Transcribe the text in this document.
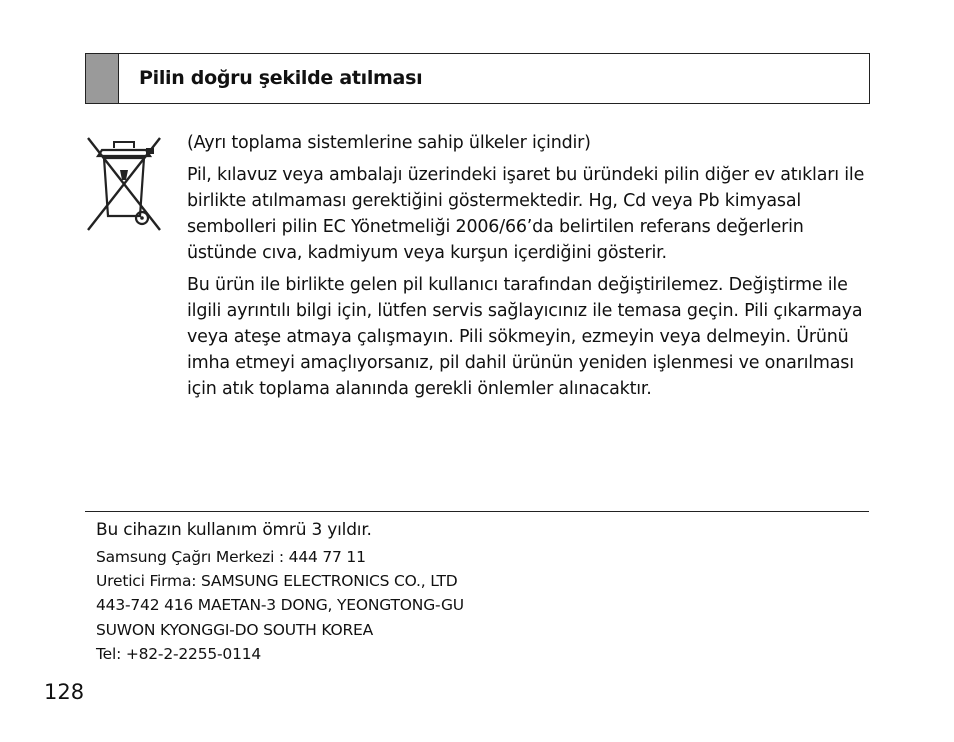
Pilin doğru şekilde atılması

(Ayrı toplama sistemlerine sahip ülkeler içindir)

Pil, kılavuz veya ambalajı üzerindeki işaret bu üründeki pilin diğer ev atıkları ile birlikte atılmaması gerektiğini göstermektedir. Hg, Cd veya Pb kimyasal sembolleri pilin EC Yönetmeliği 2006/66’da belirtilen referans değerlerin üstünde cıva, kadmiyum veya kurşun içerdiğini gösterir.

Bu ürün ile birlikte gelen pil kullanıcı tarafından değiştirilemez. Değiştirme ile ilgili ayrıntılı bilgi için, lütfen servis sağlayıcınız ile temasa geçin. Pili çıkarmaya veya ateşe atmaya çalışmayın. Pili sökmeyin, ezmeyin veya delmeyin. Ürünü imha etmeyi amaçlıyorsanız, pil dahil ürünün yeniden işlenmesi ve onarılması için atık toplama alanında gerekli önlemler alınacaktır.

Bu cihazın kullanım ömrü 3 yıldır.

Samsung Çağrı Merkezi : 444 77 11

Uretici Firma: SAMSUNG ELECTRONICS CO., LTD

443-742 416 MAETAN-3 DONG, YEONGTONG-GU

SUWON KYONGGI-DO SOUTH KOREA

Tel: +82-2-2255-0114

128
